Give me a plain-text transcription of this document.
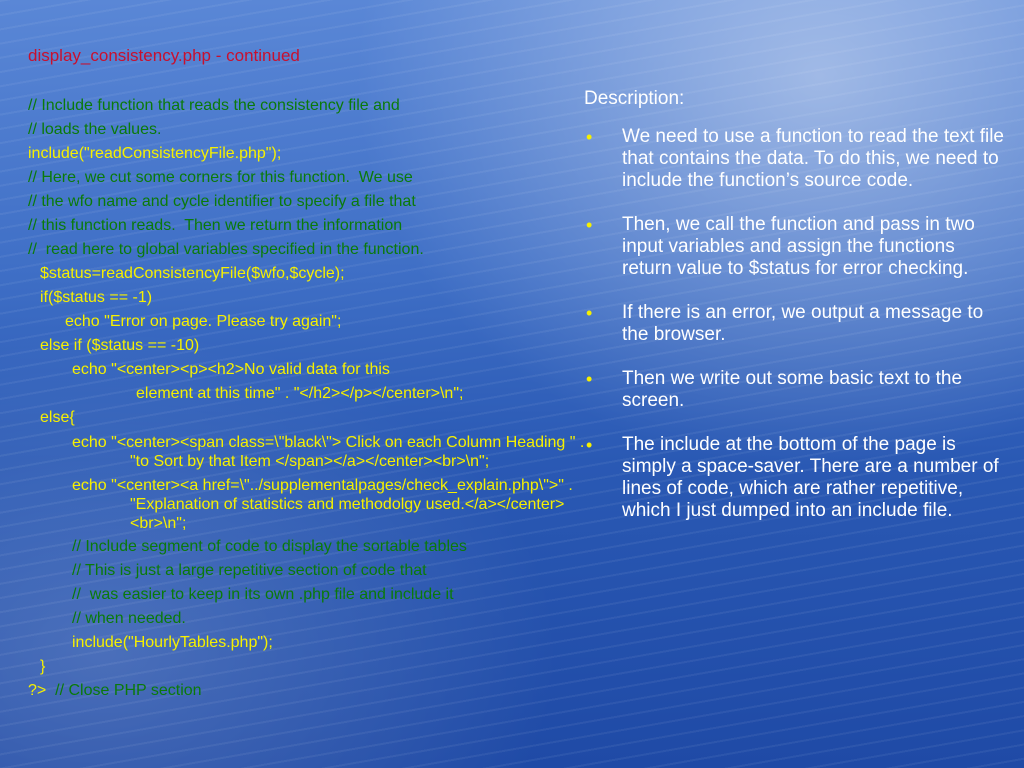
display_consistency.php - continued
// Include function that reads the consistency file and
// loads the values.
include("readConsistencyFile.php");
// Here, we cut some corners for this function.  We use
// the wfo name and cycle identifier to specify a file that
// this function reads.  Then we return the information
//  read here to global variables specified in the function.
$status=readConsistencyFile($wfo,$cycle);
if($status == -1)
echo "Error on page. Please try again";
else if ($status == -10)
echo "<center><p><h2>No valid data for this
element at this time" . "</h2></p></center>\n";
else{
echo "<center><span class=\"black\"> Click on each Column Heading " . "to Sort by that Item </span></a></center><br>\n";
echo "<center><a href=\"../supplementalpages/check_explain.php\">" . "Explanation of statistics and methodolgy used.</a></center><br>\n";
// Include segment of code to display the sortable tables
// This is just a large repetitive section of code that
//  was easier to keep in its own .php file and include it
// when needed.
include("HourlyTables.php");
}
?>  // Close PHP section
Description:
•	We need to use a function to read the text file that contains the data. To do this, we need to include the function’s source code.
•	Then, we call the function and pass in two input variables and assign the functions return value to $status for error checking.
•	If there is an error, we output a message to the browser.
•	Then we write out some basic text to the screen.
•	The include at the bottom of the page is simply a space-saver. There are a number of lines of code, which are rather repetitive, which I just dumped into an include file.
